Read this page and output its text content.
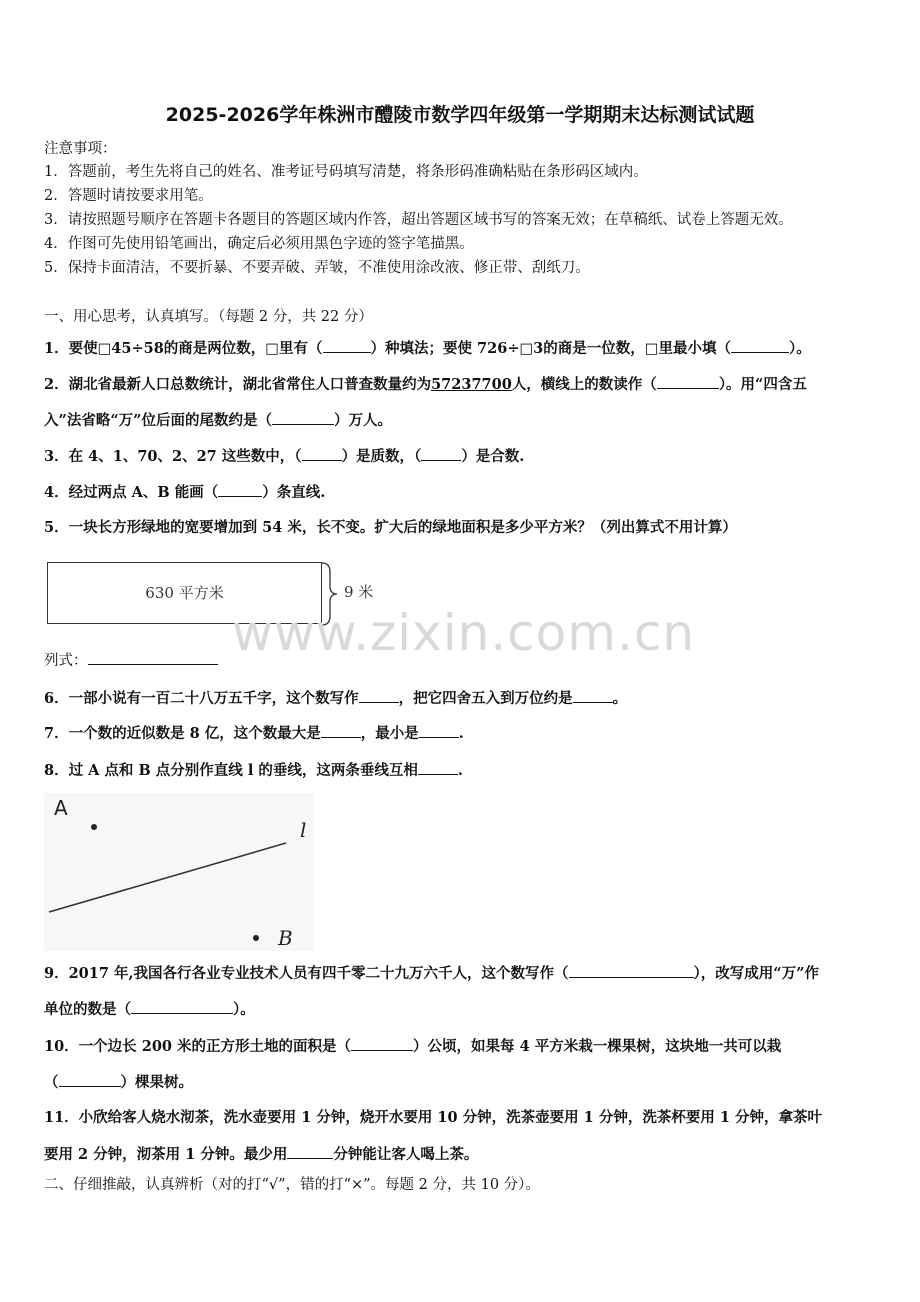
2025-2026学年株洲市醴陵市数学四年级第一学期期末达标测试试题
注意事项：
1．答题前，考生先将自己的姓名、准考证号码填写清楚，将条形码准确粘贴在条形码区域内。
2．答题时请按要求用笔。
3．请按照题号顺序在答题卡各题目的答题区域内作答，超出答题区域书写的答案无效；在草稿纸、试卷上答题无效。
4．作图可先使用铅笔画出，确定后必须用黑色字迹的签字笔描黑。
5．保持卡面清洁，不要折暴、不要弄破、弄皱，不准使用涂改液、修正带、刮纸刀。
一、用心思考，认真填写。（每题 2 分，共 22 分）
1．要使□45÷58的商是两位数，□里有（	）种填法；要使 726÷□3的商是一位数，□里最小填（	）。
2．湖北省最新人口总数统计，湖北省常住人口普查数量约为57237700人，横线上的数读作（	）。用“四含五
入”法省略“万”位后面的尾数约是（	）万人。
3．在 4、1、70、2、27 这些数中，（	）是质数，（	）是合数.
4．经过两点 A、B 能画（	）条直线.
5．一块长方形绿地的宽要增加到 54 米，长不变。扩大后的绿地面积是多少平方米？（列出算式不用计算）
630 平方米	9 米
www.zixin.com.cn
列式：
6．一部小说有一百二十八万五千字，这个数写作	，把它四舍五入到万位约是	。
7．一个数的近似数是 8 亿，这个数最大是	，最小是	.
8．过 A 点和 B 点分别作直线 l 的垂线，这两条垂线互相	.
A
l
B
9．2017 年,我国各行各业专业技术人员有四千零二十九万六千人，这个数写作（	），改写成用“万”作
单位的数是（	）。
10．一个边长 200 米的正方形土地的面积是（	）公顷，如果每 4 平方米栽一棵果树，这块地一共可以栽
（	）棵果树。
11．小欣给客人烧水沏茶，洗水壶要用 1 分钟，烧开水要用 10 分钟，洗茶壶要用 1 分钟，洗茶杯要用 1 分钟，拿茶叶
要用 2 分钟，沏茶用 1 分钟。最少用	分钟能让客人喝上茶。
二、仔细推敲，认真辨析（对的打“√”，错的打“×”。每题 2 分，共 10 分）。
